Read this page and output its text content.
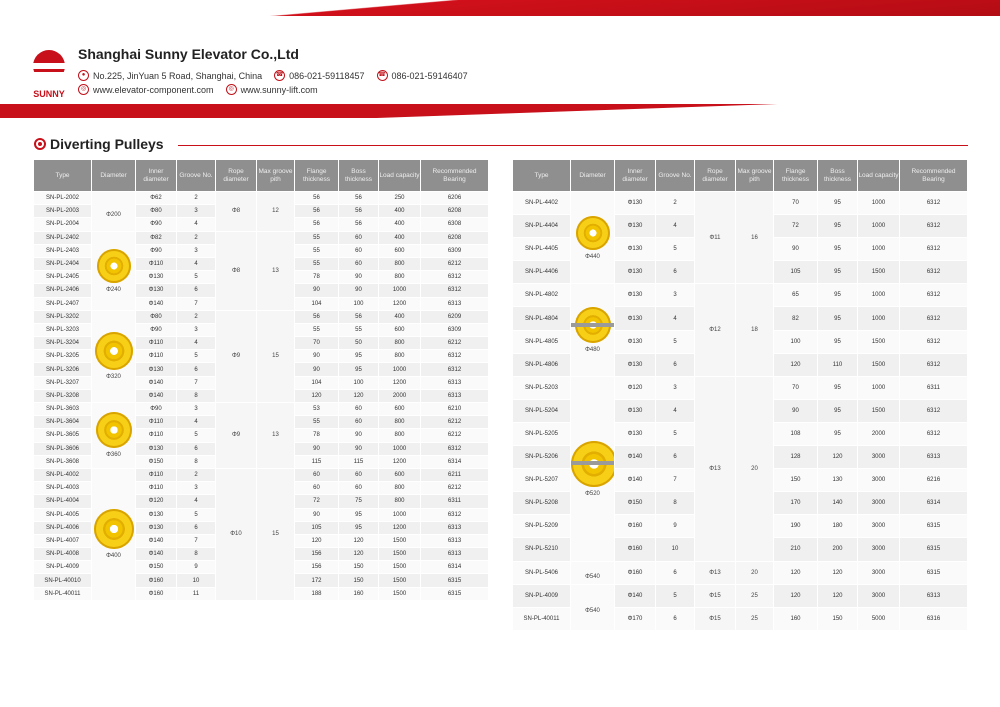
SUNNY
Shanghai Sunny Elevator Co.,Ltd
● No.225, JinYuan 5 Road, Shanghai, China ☎ 086-021-59118457 ☎ 086-021-59146407
◎ www.elevator-component.com	◎ www.sunny-lift.com
Diverting Pulleys
Type	Diameter	Inner diameter	Groove No.	Rope diameter	Max groove pith	Flange thickness	Boss thickness	Load capacity	Recommended Bearing
SN-PL-2002	Φ200	Φ62	2	Φ8	12	56	56	250	6206
SN-PL-2003		Φ80	3			56	56	400	6208
SN-PL-2004		Φ90	4			56	56	400	6308
SN-PL-2402	Φ240	Φ82	2	Φ8	13	55	60	400	6208
SN-PL-2403		Φ90	3			55	60	600	6309
SN-PL-2404		Φ110	4			55	60	800	6212
SN-PL-2405		Φ130	5			78	90	800	6312
SN-PL-2406		Φ130	6			90	90	1000	6312
SN-PL-2407		Φ140	7			104	100	1200	6313
SN-PL-3202	Φ320	Φ80	2	Φ9	15	56	56	400	6209
SN-PL-3203		Φ90	3			55	55	600	6309
SN-PL-3204		Φ110	4			70	50	800	6212
SN-PL-3205		Φ110	5			90	95	800	6312
SN-PL-3206		Φ130	6			90	95	1000	6312
SN-PL-3207		Φ140	7			104	100	1200	6313
SN-PL-3208		Φ140	8			120	120	2000	6313
SN-PL-3603	Φ360	Φ90	3	Φ9	13	53	60	600	6210
SN-PL-3604		Φ110	4			55	60	800	6212
SN-PL-3605		Φ110	5			78	90	800	6212
SN-PL-3606		Φ130	6			90	90	1000	6312
SN-PL-3608		Φ150	8			115	115	1200	6314
SN-PL-4002	Φ400	Φ110	2	Φ10	15	60	60	600	6211
SN-PL-4003		Φ110	3			60	60	800	6212
SN-PL-4004		Φ120	4			72	75	800	6311
SN-PL-4005		Φ130	5			90	95	1000	6312
SN-PL-4006		Φ130	6			105	95	1200	6313
SN-PL-4007		Φ140	7			120	120	1500	6313
SN-PL-4008		Φ140	8			156	120	1500	6313
SN-PL-4009		Φ150	9			156	150	1500	6314
SN-PL-40010		Φ160	10			172	150	1500	6315
SN-PL-40011		Φ160	11			188	160	1500	6315
Type	Diameter	Inner diameter	Groove No.	Rope diameter	Max groove pith	Flange thickness	Boss thickness	Load capacity	Recommended Bearing
SN-PL-4402	Φ440	Φ130	2	Φ11	16	70	95	1000	6312
SN-PL-4404		Φ130	4			72	95	1000	6312
SN-PL-4405		Φ130	5			90	95	1000	6312
SN-PL-4406		Φ130	6			105	95	1500	6312
SN-PL-4802	Φ480	Φ130	3	Φ12	18	65	95	1000	6312
SN-PL-4804		Φ130	4			82	95	1000	6312
SN-PL-4805		Φ130	5			100	95	1500	6312
SN-PL-4806		Φ130	6			120	110	1500	6312
SN-PL-5203	Φ520	Φ120	3	Φ13	20	70	95	1000	6311
SN-PL-5204		Φ130	4			90	95	1500	6312
SN-PL-5205		Φ130	5			108	95	2000	6312
SN-PL-5206		Φ140	6			128	120	3000	6313
SN-PL-5207		Φ140	7			150	130	3000	6216
SN-PL-5208		Φ150	8			170	140	3000	6314
SN-PL-5209		Φ160	9			190	180	3000	6315
SN-PL-5210		Φ160	10			210	200	3000	6315
SN-PL-5406	Φ540	Φ160	6	Φ13	20	120	120	3000	6315
SN-PL-4009	Φ540	Φ140	5	Φ15	25	120	120	3000	6313
SN-PL-40011		Φ170	6	Φ15	25	160	150	5000	6316
